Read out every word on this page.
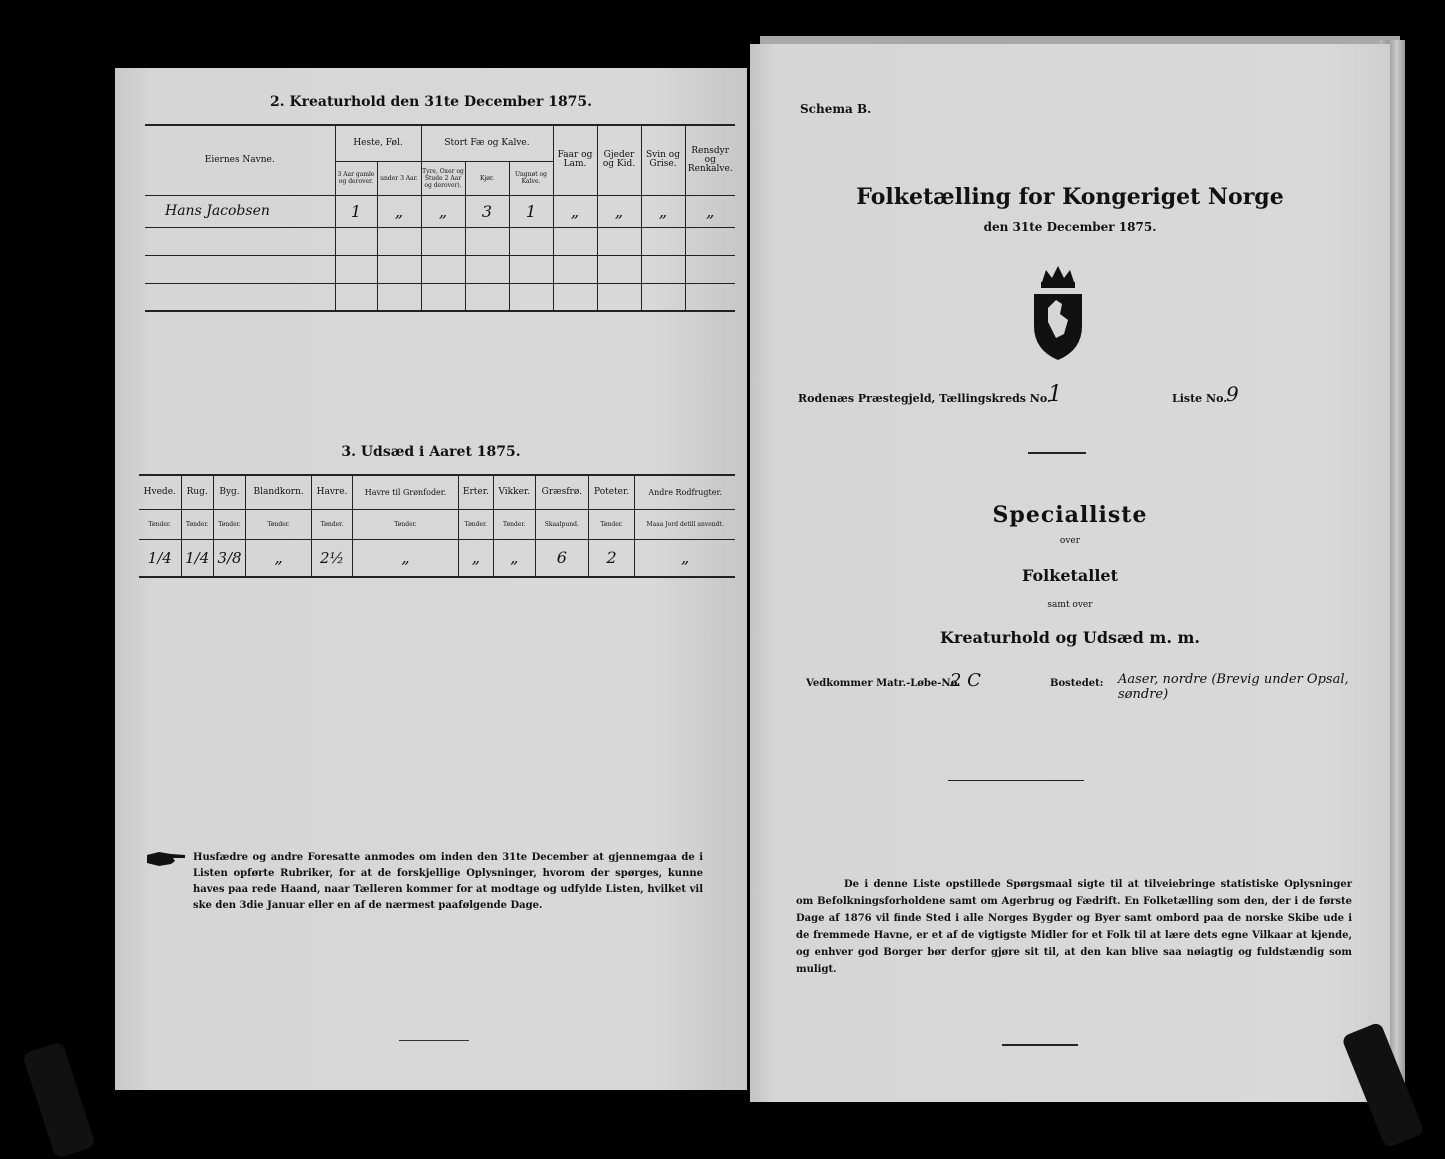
2. Kreaturhold den 31te December 1875.
Eiernes Navne.	Heste, Føl.		Stort Fæ og Kalve.			Faar og Lam.	Gjeder og Kid.	Svin og Grise.	Rensdyr og Renkalve.
	3 Aar gamle og derover.	under 3 Aar.	Tyre, Oxer og Stude 2 Aar og derover).	Kjør.	Ungnøt og Kalve.				
Hans Jacobsen	1	„	„	3	1	„	„	„	„

3. Udsæd i Aaret 1875.
Hvede.	Rug.	Byg.	Blandkorn.	Havre.	Havre til Grønfoder.	Erter.	Vikker.	Græsfrø.	Poteter.	Andre Rodfrugter.
Tønder.	Tønder.	Tønder.	Tønder.	Tønder.	Tønder.	Tønder.	Tønder.	Skaalpund.	Tønder.	Maaa Jord detill anvendt.
1/4	1/4	3/8	„	2½	„	„	„	6	2	„
Husfædre og andre Foresatte anmodes om inden den 31te December at gjennemgaa de i Listen opførte Rubriker, for at de forskjellige Oplysninger, hvorom der spørges, kunne haves paa rede Haand, naar Tælleren kommer for at modtage og udfylde Listen, hvilket vil ske den 3die Januar eller en af de nærmest paafølgende Dage.
Schema B.
Folketælling for Kongeriget Norge
den 31te December 1875.
Rodenæs Præstegjeld, Tællingskreds No.
1	Liste No.
9
Specialliste
over
Folketallet
samt over
Kreaturhold og Udsæd m. m.
Vedkommer Matr.-Løbe-No.
2 C	Bostedet: Aaser, nordre (Brevig under Opsal, søndre)
De i denne Liste opstillede Spørgsmaal sigte til at tilveiebringe statistiske Oplysninger om Befolkningsforholdene samt om Agerbrug og Fædrift. En Folketælling som den, der i de første Dage af 1876 vil finde Sted i alle Norges Bygder og Byer samt ombord paa de norske Skibe ude i de fremmede Havne, er et af de vigtigste Midler for et Folk til at lære dets egne Vilkaar at kjende, og enhver god Borger bør derfor gjøre sit til, at den kan blive saa nøiagtig og fuldstændig som muligt.
